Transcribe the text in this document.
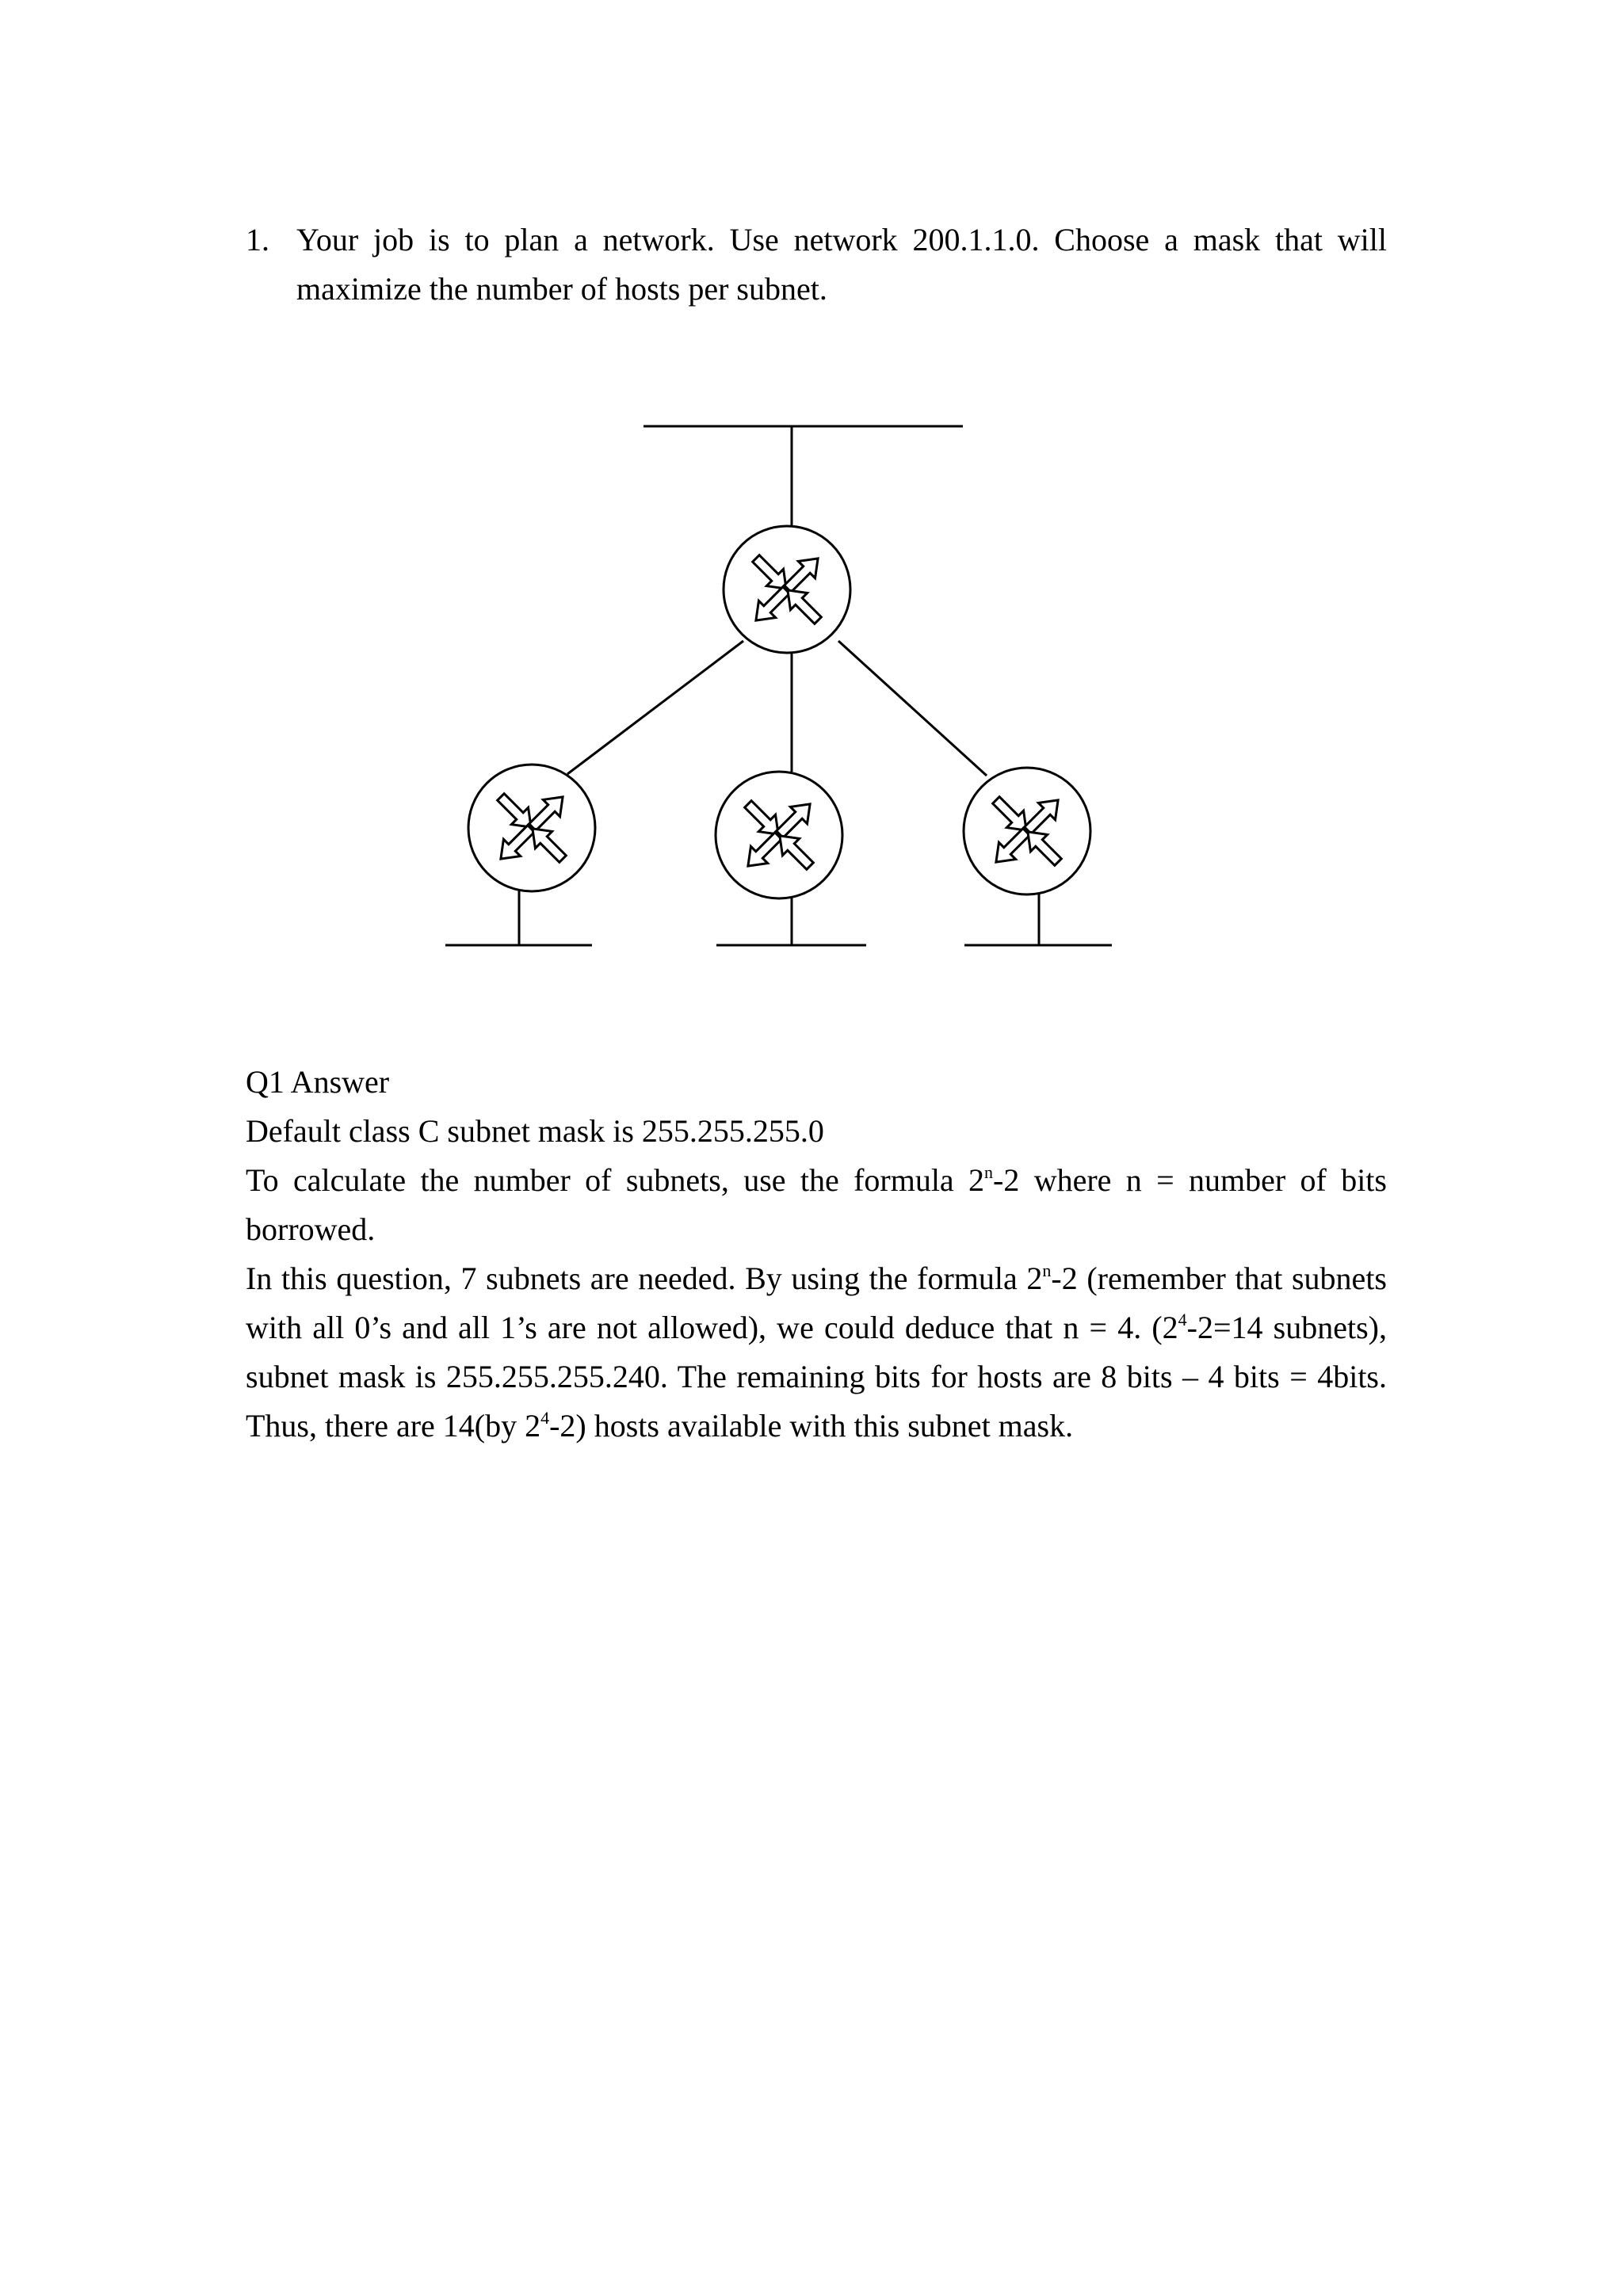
1. Your job is to plan a network. Use network 200.1.1.0. Choose a mask that will maximize the number of hosts per subnet.

Q1 Answer

Default class C subnet mask is 255.255.255.0

To calculate the number of subnets, use the formula 2$^n$-2 where n = number of bits borrowed.

In this question, 7 subnets are needed. By using the formula 2$^n$-2 (remember that subnets with all 0’s and all 1’s are not allowed), we could deduce that n = 4. ($2^4-2=14$ subnets), subnet mask is 255.255.255.240. The remaining bits for hosts are 8 bits – 4 bits = 4bits. Thus, there are 14(by $2^4-2$) hosts available with this subnet mask.
